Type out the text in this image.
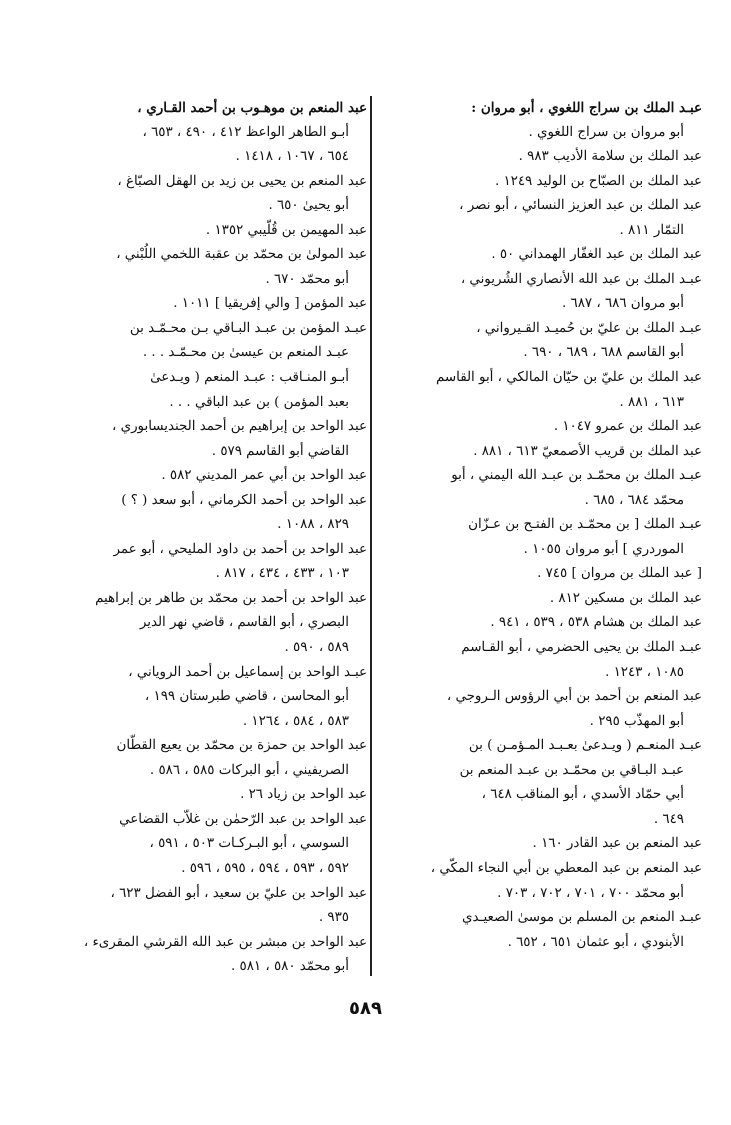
عبـد الملك بن سراج اللغوي ، أبو مروان :
أبو مروان بن سراج اللغوي .
عبد الملك بن سلامة الأديب ٩٨٣ .
عبد الملك بن الصبّاح بن الوليد ١٢٤٩ .
عبد الملك بن عبد العزيز النسائي ، أبو نصر ،
التمّار ٨١١ .
عبد الملك بن عبد الغفّار الهمداني ٥٠ .
عبـد الملك بن عبد الله الأنصاري الشُريوني ،
أبو مروان ٦٨٦ ، ٦٨٧ .
عبـد الملك بن عليّ بن حُميـد القـيرواني ،
أبو القاسم ٦٨٨ ، ٦٨٩ ، ٦٩٠ .
عبد الملك بن عليّ بن حيّان المالكي ، أبو القاسم
٦١٣ ، ٨٨١ .
عبد الملك بن عمرو ١٠٤٧ .
عبد الملك بن قريب الأصمعيّ ٦١٣ ، ٨٨١ .
عبـد الملك بن محمّـد بن عبـد الله اليمني ، أبو
محمّد ٦٨٤ ، ٦٨٥ .
عبـد الملك [ بن محمّـد بن الفتـح بن عـزّان
الموردري ] أبو مروان ١٠٥٥ .
[ عبد الملك بن مروان ] ٧٤٥ .
عبد الملك بن مسكين ٨١٢ .
عبد الملك بن هشام ٥٣٨ ، ٥٣٩ ، ٩٤١ .
عبـد الملك بن يحيى الحضرمي ، أبو القـاسم
١٠٨٥ ، ١٢٤٣ .
عبد المنعم بن أحمد بن أبي الرؤوس الـروجي ،
أبو المهذّب ٢٩٥ .
عبـد المنعـم ( ويـدعىٰ بعـبـد المـؤمـن ) بن
عبـد البـاقي بن محمّـد بن عبـد المنعم بن
أبي حمّاد الأسدي ، أبو المناقب ٦٤٨ ،
٦٤٩ .
عبد المنعم بن عبد القادر ١٦٠ .
عبد المنعم بن عبد المعطي بن أبي النجاء المكّي ،
أبو محمّد ٧٠٠ ، ٧٠١ ، ٧٠٢ ، ٧٠٣ .
عبـد المنعم بن المسلم بن موسىٰ الصعيـدي
الأبنودي ، أبو عثمان ٦٥١ ، ٦٥٢ .
عبد المنعم بن موهـوب بن أحمد القـاري ،
أبـو الطاهر الواعظ ٤١٢ ، ٤٩٠ ، ٦٥٣ ،
٦٥٤ ، ١٠٦٧ ، ١٤١٨ .
عبد المنعم بن يحيى بن زيد بن الهقل الصبّاغ ،
أبو يحيىٰ ٦٥٠ .
عبد المهيمن بن قُلّيبي ١٣٥٢ .
عبد المولىٰ بن محمّد بن عقبة اللخمي اللُبْني ،
أبو محمّد ٦٧٠ .
عبد المؤمن [ والي إفريقيا ] ١٠١١ .
عبـد المؤمن بن عبـد البـاقي بـن محـمّـد بن
عبـد المنعم بن عيسىٰ بن محـمّـد . . .
أبـو المنـاقب : عبـد المنعم ( ويـدعىٰ
بعبد المؤمن ) بن عبد الباقي . . .
عبد الواحد بن إبراهيم بن أحمد الجنديسابوري ،
القاضي أبو القاسم ٥٧٩ .
عبد الواحد بن أبي عمر المديني ٥٨٢ .
عبد الواحد بن أحمد الكرماني ، أبو سعد ( ؟ )
٨٢٩ ، ١٠٨٨ .
عبد الواحد بن أحمد بن داود المليحي ، أبو عمر
١٠٣ ، ٤٣٣ ، ٤٣٤ ، ٨١٧ .
عبد الواحد بن أحمد بن محمّد بن طاهر بن إبراهيم
البصري ، أبو القاسم ، قاضي نهر الدير
٥٨٩ ، ٥٩٠ .
عبـد الواحد بن إسماعيل بن أحمد الروياني ،
أبو المحاسن ، قاضي طبرستان ١٩٩ ،
٥٨٣ ، ٥٨٤ ، ١٢٦٤ .
عبد الواحد بن حمزة بن محمّد بن يعيع القطّان
الصريفيني ، أبو البركات ٥٨٥ ، ٥٨٦ .
عبد الواحد بن زياد ٢٦ .
عبد الواحد بن عبد الرّحمٰن بن غلاّب القضاعي
السوسي ، أبو البـركـات ٥٠٣ ، ٥٩١ ،
٥٩٢ ، ٥٩٣ ، ٥٩٤ ، ٥٩٥ ، ٥٩٦ .
عبد الواحد بن عليّ بن سعيد ، أبو الفضل ٦٢٣ ،
٩٣٥ .
عبد الواحد بن مبشر بن عبد الله القرشي المقرىء ،
أبو محمّد ٥٨٠ ، ٥٨١ .
٥٨٩
